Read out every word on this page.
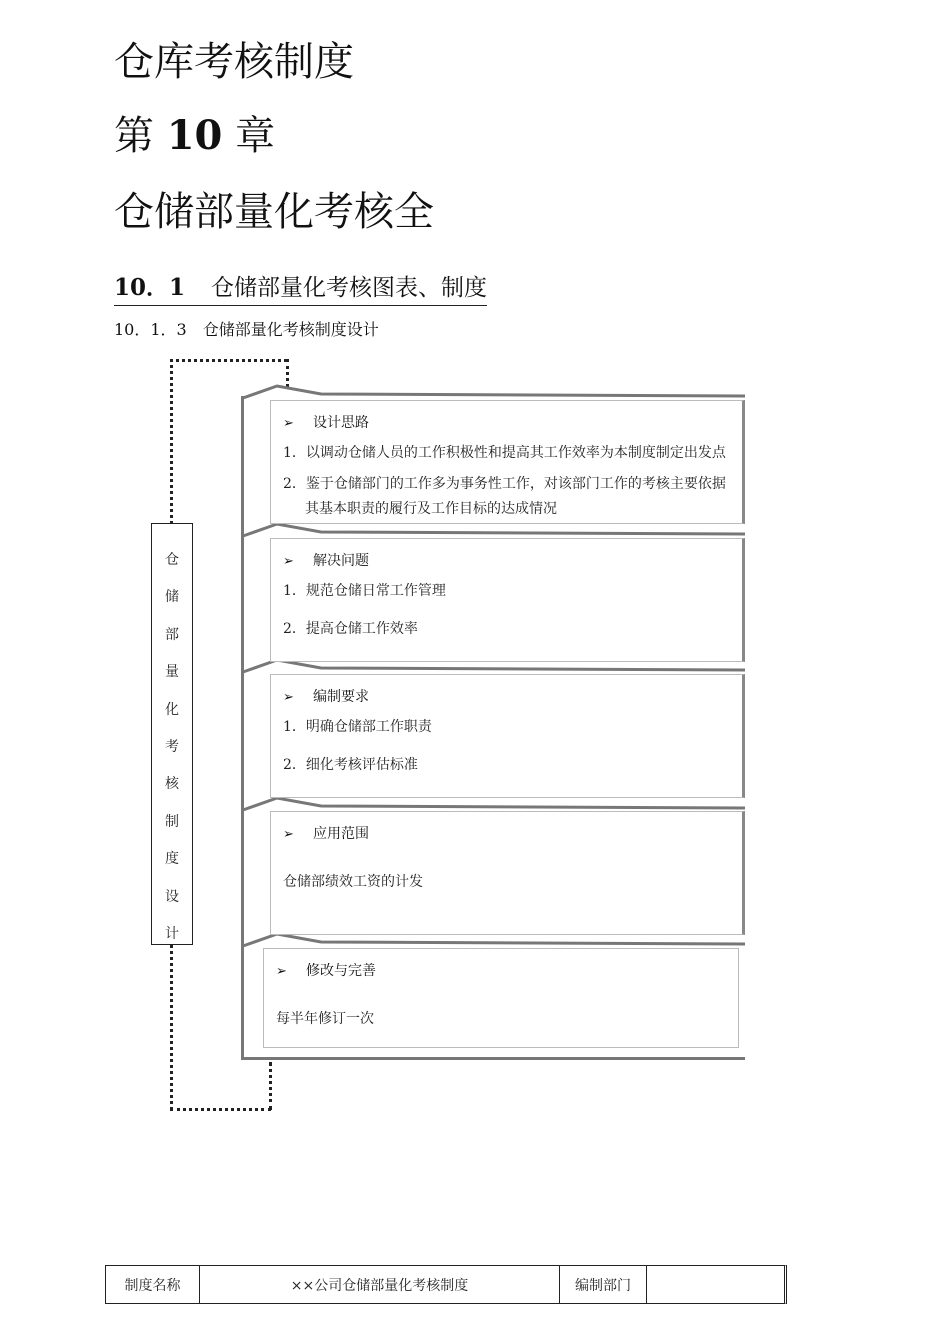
仓库考核制度
第 10 章
仓储部量化考核全
10．1 仓储部量化考核图表、制度
10．1．3　仓储部量化考核制度设计
仓
储
部
量
化
考
核
制
度
设
计
➢ 设计思路
1．以调动仓储人员的工作积极性和提高其工作效率为本制度制定出发点
2．鉴于仓储部门的工作多为事务性工作，对该部门工作的考核主要依据其基本职责的履行及工作目标的达成情况
➢ 解决问题
1．规范仓储日常工作管理
2．提高仓储工作效率
➢ 编制要求
1．明确仓储部工作职责
2．细化考核评估标准
➢ 应用范围
仓储部绩效工资的计发
➢ 修改与完善
每半年修订一次
制度名称	××公司仓储部量化考核制度	编制部门
